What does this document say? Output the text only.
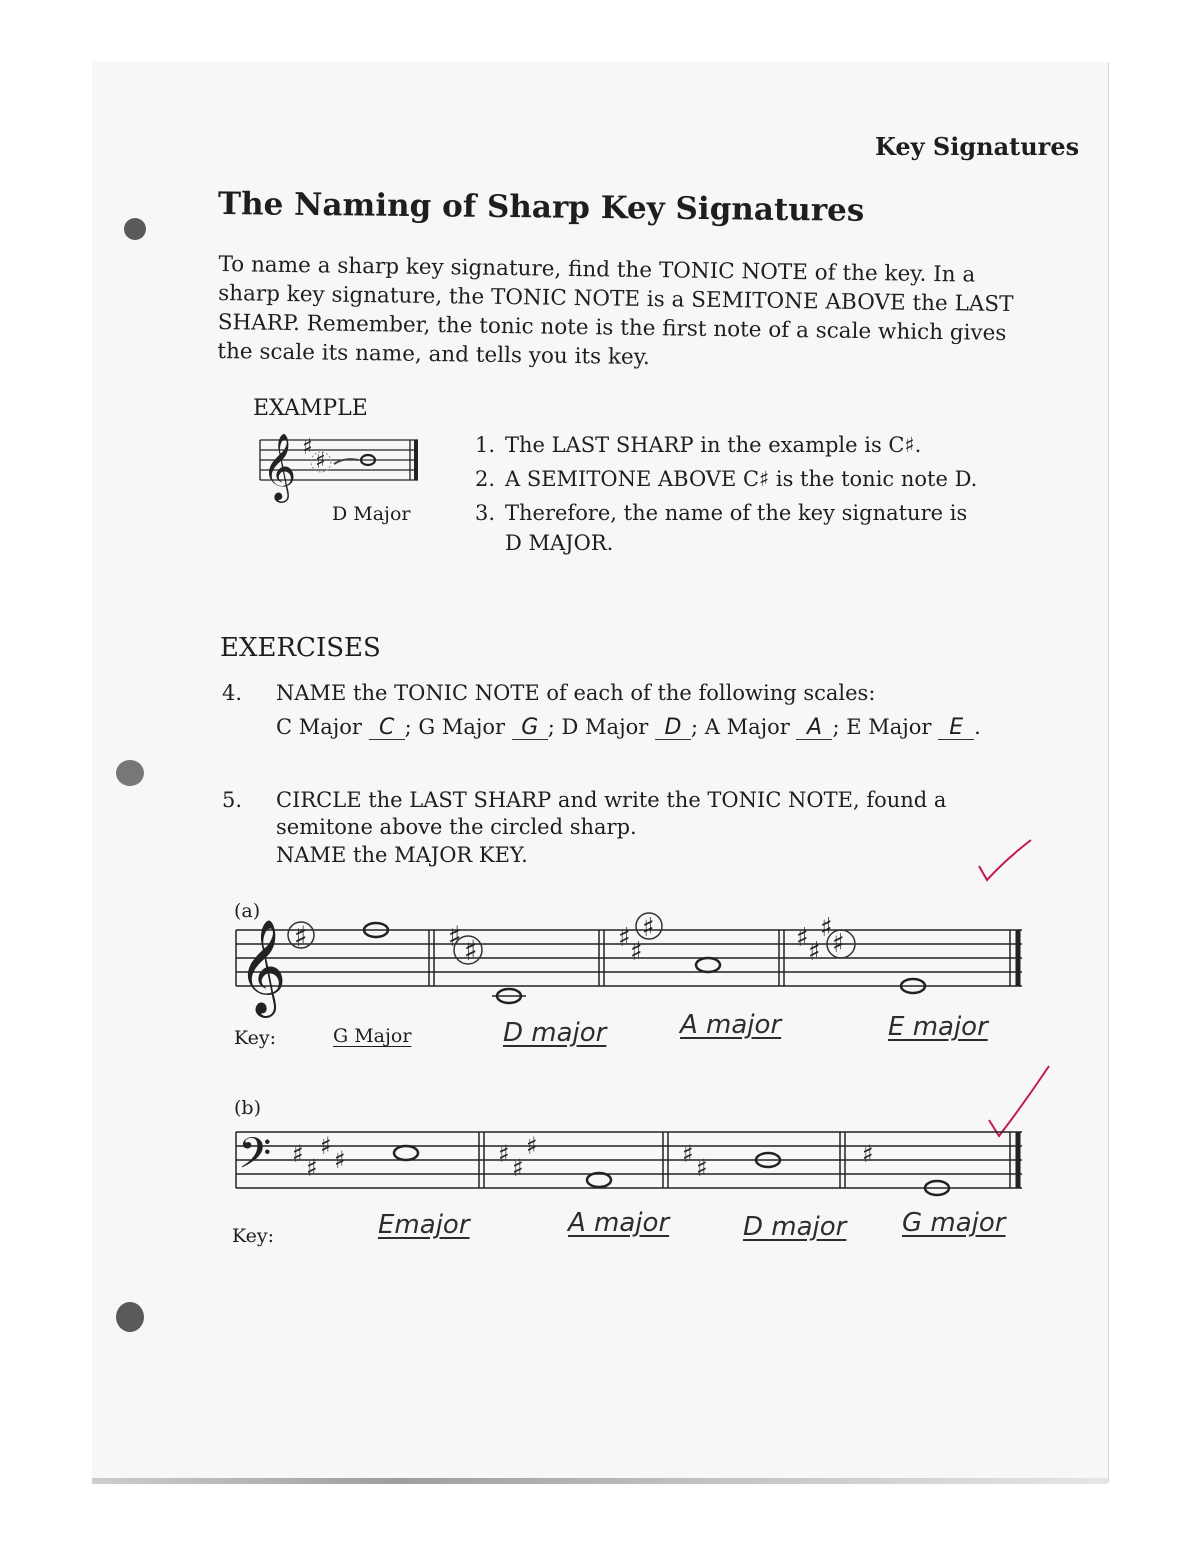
Key Signatures
The Naming of Sharp Key Signatures
To name a sharp key signature, find the TONIC NOTE of the key. In a sharp key signature, the TONIC NOTE is a SEMITONE ABOVE the LAST SHARP. Remember, the tonic note is the first note of a scale which gives the scale its name, and tells you its key.
EXAMPLE
𝄞 ♯
♯
D Major
1. The LAST SHARP in the example is C♯.
2. A SEMITONE ABOVE C♯ is the tonic note D.
3. Therefore, the name of the key signature is
D MAJOR.
EXERCISES
4. NAME the TONIC NOTE of each of the following scales:
C Major C ; G Major G ; D Major D ; A Major A ; E Major E .
5. CIRCLE the LAST SHARP and write the TONIC NOTE, found a
semitone above the circled sharp.
NAME the MAJOR KEY.
(a)
𝄞 ♯	♯ ♯	♯ ♯
♯	♯ ♯
♯
♯
Key:	G Major	D major	A major	E major
(b)
𝄢 ♯ ♯
♯ ♯	♯ ♯
♯	♯ ♯	♯
Key:	Emajor	A major	D major G major
